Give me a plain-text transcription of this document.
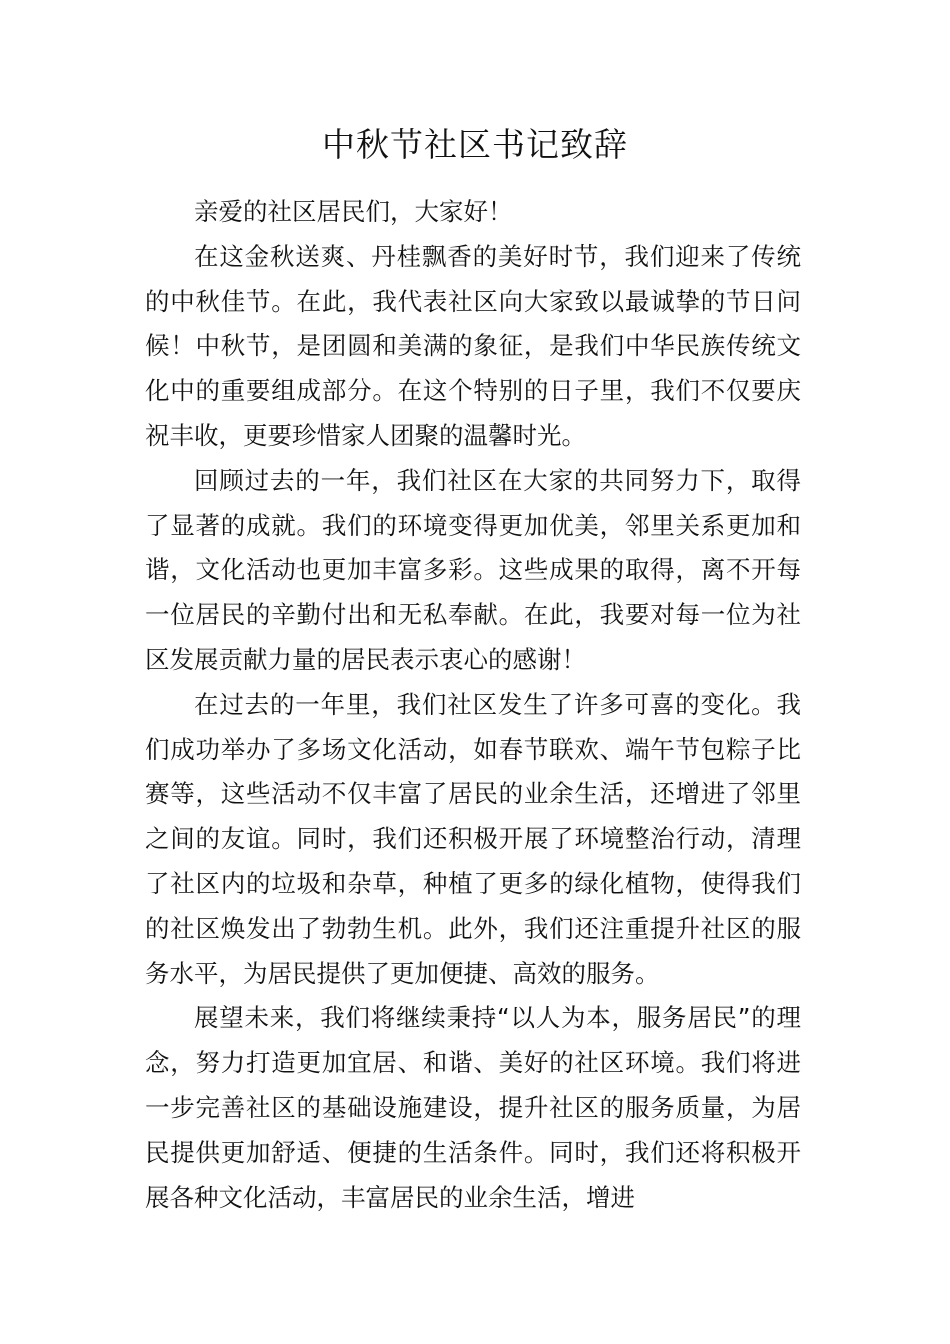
中秋节社区书记致辞

亲爱的社区居民们，大家好！

在这金秋送爽、丹桂飘香的美好时节，我们迎来了传统的中秋佳节。在此，我代表社区向大家致以最诚挚的节日问候！中秋节，是团圆和美满的象征，是我们中华民族传统文化中的重要组成部分。在这个特别的日子里，我们不仅要庆祝丰收，更要珍惜家人团聚的温馨时光。

回顾过去的一年，我们社区在大家的共同努力下，取得了显著的成就。我们的环境变得更加优美，邻里关系更加和谐，文化活动也更加丰富多彩。这些成果的取得，离不开每一位居民的辛勤付出和无私奉献。在此，我要对每一位为社区发展贡献力量的居民表示衷心的感谢！

在过去的一年里，我们社区发生了许多可喜的变化。我们成功举办了多场文化活动，如春节联欢、端午节包粽子比赛等，这些活动不仅丰富了居民的业余生活，还增进了邻里之间的友谊。同时，我们还积极开展了环境整治行动，清理了社区内的垃圾和杂草，种植了更多的绿化植物，使得我们的社区焕发出了勃勃生机。此外，我们还注重提升社区的服务水平，为居民提供了更加便捷、高效的服务。

展望未来，我们将继续秉持“以人为本，服务居民”的理念，努力打造更加宜居、和谐、美好的社区环境。我们将进一步完善社区的基础设施建设，提升社区的服务质量，为居民提供更加舒适、便捷的生活条件。同时，我们还将积极开展各种文化活动，丰富居民的业余生活，增进
